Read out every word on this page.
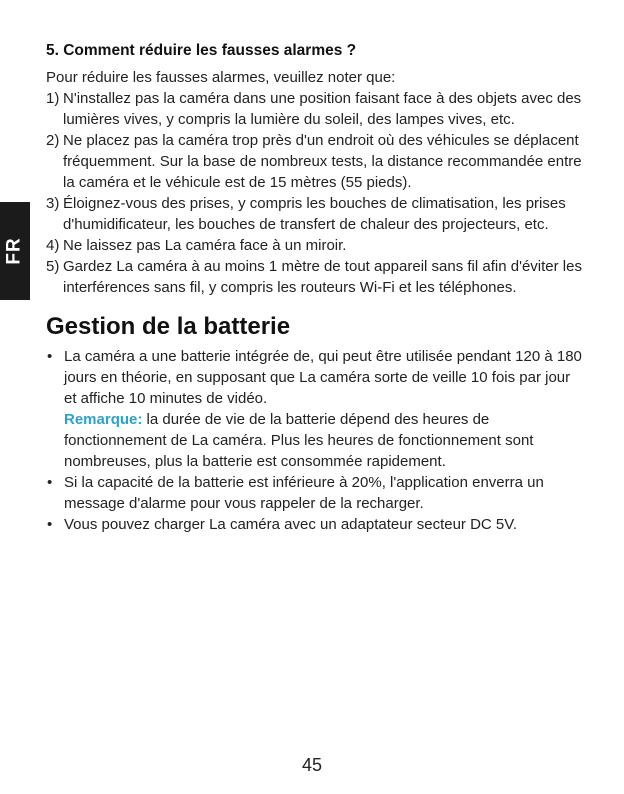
FR
5. Comment réduire les fausses alarmes ?

Pour réduire les fausses alarmes, veuillez noter que:

1) N'installez pas la caméra dans une position faisant face à des objets avec des lumières vives, y compris la lumière du soleil, des lampes vives, etc.
2) Ne placez pas la caméra trop près d'un endroit où des véhicules se déplacent fréquemment. Sur la base de nombreux tests, la distance recommandée entre la caméra et le véhicule est de 15 mètres (55 pieds).
3) Éloignez-vous des prises, y compris les bouches de climatisation, les prises d'humidificateur, les bouches de transfert de chaleur des projecteurs, etc.
4) Ne laissez pas La caméra face à un miroir.
5) Gardez La caméra à au moins 1 mètre de tout appareil sans fil afin d'éviter les interférences sans fil, y compris les routeurs Wi-Fi et les téléphones.
Gestion de la batterie
• La caméra a une batterie intégrée de, qui peut être utilisée pendant 120 à 180 jours en théorie, en supposant que La caméra sorte de veille 10 fois par jour et affiche 10 minutes de vidéo.
Remarque: la durée de vie de la batterie dépend des heures de fonctionnement de La caméra. Plus les heures de fonctionnement sont nombreuses, plus la batterie est consommée rapidement.
• Si la capacité de la batterie est inférieure à 20%, l'application enverra un message d'alarme pour vous rappeler de la recharger.
• Vous pouvez charger La caméra avec un adaptateur secteur DC 5V.
45
